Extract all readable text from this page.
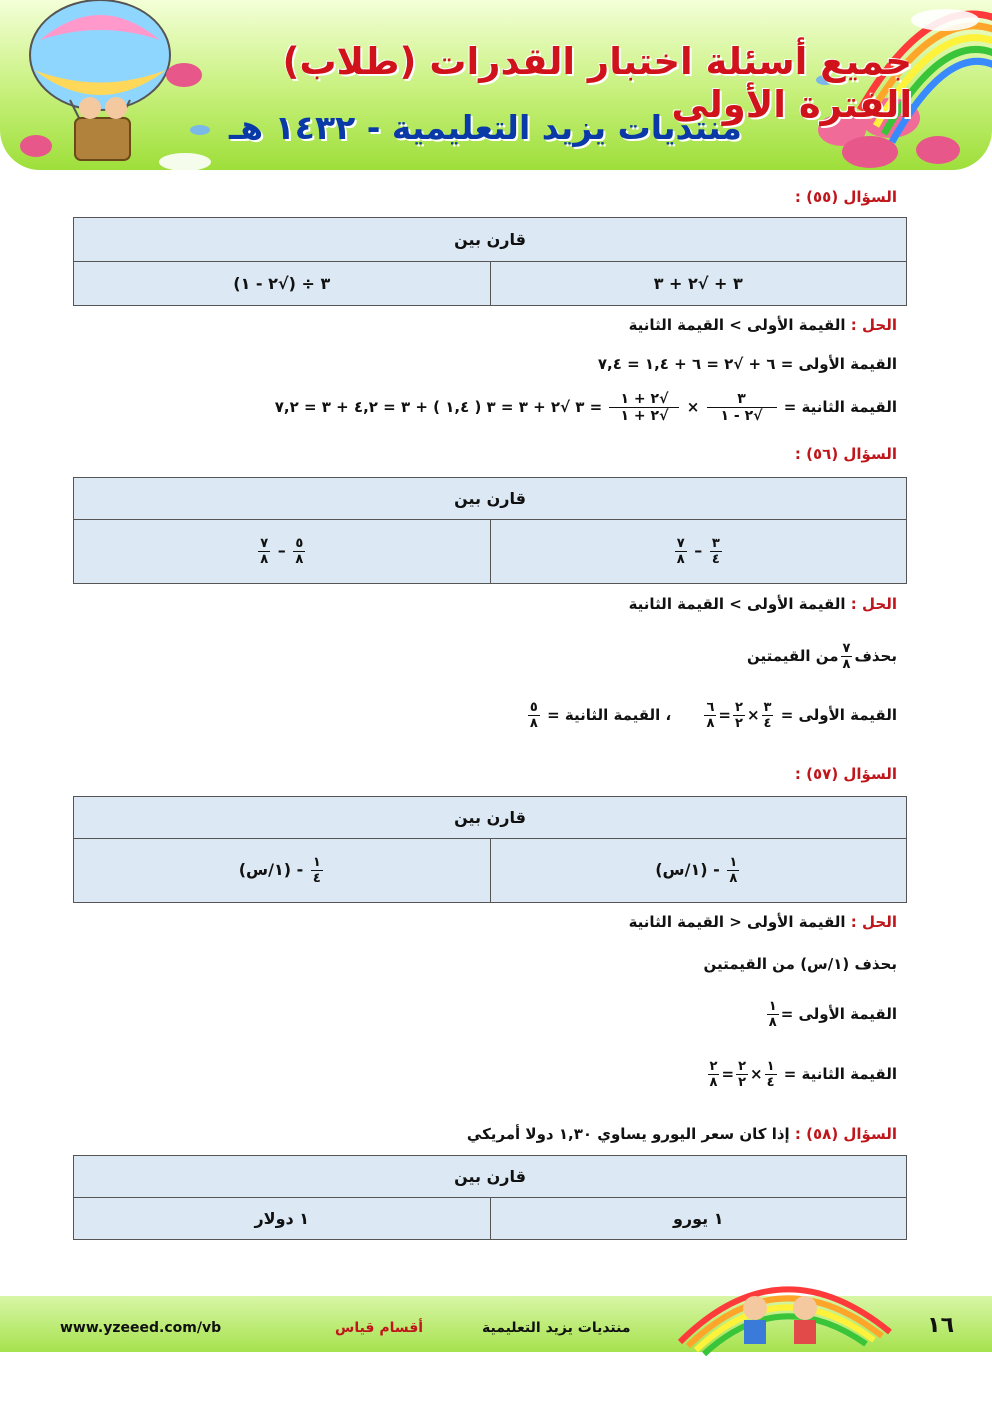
جميع أسئلة اختبار القدرات (طلاب) الفترة الأولى
منتديات يزيد التعليمية - ١٤٣٢ هـ
السؤال (٥٥) :
قارن بين
٣ ÷ (√٢ - ١)	٣ + √٢ + ٣
الحل : القيمة الأولى > القيمة الثانية
القيمة الأولى = ٦ + √٢ = ٦ + ١,٤ = ٧,٤
القيمة الثانية =
$\frac{٣}{√٢ - ١}$
×
$\frac{√٢ + ١}{√٢ + ١}$
= ٣ √٢ + ٣ = ٣ ( ١,٤ ) + ٣ = ٤,٢ + ٣ = ٧,٢
السؤال (٥٦) :
قارن بين

$\frac{٥}{٨}$
–
$\frac{٧}{٨}$	$\frac{٣}{٤}$
–
$\frac{٧}{٨}$
الحل : القيمة الأولى > القيمة الثانية
بحذف
$\frac{٧}{٨}$
من القيمتين
القيمة الأولى =
$\frac{٣}{٤}$
×
$\frac{٢}{٢}$
=
$\frac{٦}{٨}$
، القيمة الثانية =
$\frac{٥}{٨}$
السؤال (٥٧) :
قارن بين

$\frac{١}{٤}$
- (١/س)	$\frac{١}{٨}$
- (١/س)
الحل : القيمة الأولى < القيمة الثانية
بحذف (١/س) من القيمتين
القيمة الأولى =
$\frac{١}{٨}$
القيمة الثانية =
$\frac{١}{٤}$
×
$\frac{٢}{٢}$
=
$\frac{٢}{٨}$
السؤال (٥٨) : إذا كان سعر اليورو يساوي ١,٣٠ دولا أمريكي
قارن بين
١ دولار	١ يورو
www.yzeeed.com/vb	أقسام قياس	منتديات يزيد التعليمية	١٦
